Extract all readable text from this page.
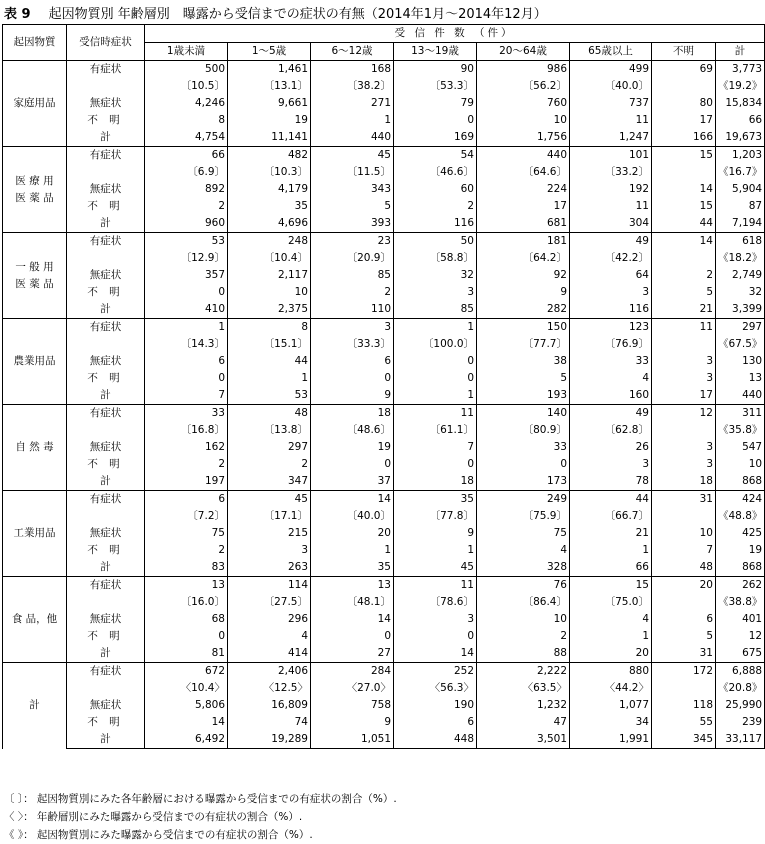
表 9 起因物質別 年齢層別　曝露から受信までの症状の有無（2014年1月～2014年12月）
起因物質	受信時症状	受 信 件 数 （件）							
		1歳未満	1～5歳	6～12歳	13～19歳	20～64歳	65歳以上	不明	計
家庭用品	有症状	500	1,461	168	90	986	499	69	3,773
		〔10.5〕	〔13.1〕	〔38.2〕	〔53.3〕	〔56.2〕	〔40.0〕		《19.2》
	無症状	4,246	9,661	271	79	760	737	80	15,834
	不 明	8	19	1	0	10	11	17	66
	計	4,754	11,141	440	169	1,756	1,247	166	19,673
医 療 用
医 薬 品	有症状	66	482	45	54	440	101	15	1,203
		〔6.9〕	〔10.3〕	〔11.5〕	〔46.6〕	〔64.6〕	〔33.2〕		《16.7》
	無症状	892	4,179	343	60	224	192	14	5,904
	不 明	2	35	5	2	17	11	15	87
	計	960	4,696	393	116	681	304	44	7,194
一 般 用
医 薬 品	有症状	53	248	23	50	181	49	14	618
		〔12.9〕	〔10.4〕	〔20.9〕	〔58.8〕	〔64.2〕	〔42.2〕		《18.2》
	無症状	357	2,117	85	32	92	64	2	2,749
	不 明	0	10	2	3	9	3	5	32
	計	410	2,375	110	85	282	116	21	3,399
農業用品	有症状	1	8	3	1	150	123	11	297
		〔14.3〕	〔15.1〕	〔33.3〕	〔100.0〕	〔77.7〕	〔76.9〕		《67.5》
	無症状	6	44	6	0	38	33	3	130
	不 明	0	1	0	0	5	4	3	13
	計	7	53	9	1	193	160	17	440
自 然 毒	有症状	33	48	18	11	140	49	12	311
		〔16.8〕	〔13.8〕	〔48.6〕	〔61.1〕	〔80.9〕	〔62.8〕		《35.8》
	無症状	162	297	19	7	33	26	3	547
	不 明	2	2	0	0	0	3	3	10
	計	197	347	37	18	173	78	18	868
工業用品	有症状	6	45	14	35	249	44	31	424
		〔7.2〕	〔17.1〕	〔40.0〕	〔77.8〕	〔75.9〕	〔66.7〕		《48.8》
	無症状	75	215	20	9	75	21	10	425
	不 明	2	3	1	1	4	1	7	19
	計	83	263	35	45	328	66	48	868
食 品，他	有症状	13	114	13	11	76	15	20	262
		〔16.0〕	〔27.5〕	〔48.1〕	〔78.6〕	〔86.4〕	〔75.0〕		《38.8》
	無症状	68	296	14	3	10	4	6	401
	不 明	0	4	0	0	2	1	5	12
	計	81	414	27	14	88	20	31	675
計	有症状	672	2,406	284	252	2,222	880	172	6,888
		〈10.4〉	〈12.5〉	〈27.0〉	〈56.3〉	〈63.5〉	〈44.2〉		《20.8》
	無症状	5,806	16,809	758	190	1,232	1,077	118	25,990
	不 明	14	74	9	6	47	34	55	239
	計	6,492	19,289	1,051	448	3,501	1,991	345	33,117
〔 〕： 起因物質別にみた各年齢層における曝露から受信までの有症状の割合（%）.
〈 〉： 年齢層別にみた曝露から受信までの有症状の割合（%）.
《 》： 起因物質別にみた曝露から受信までの有症状の割合（%）.
